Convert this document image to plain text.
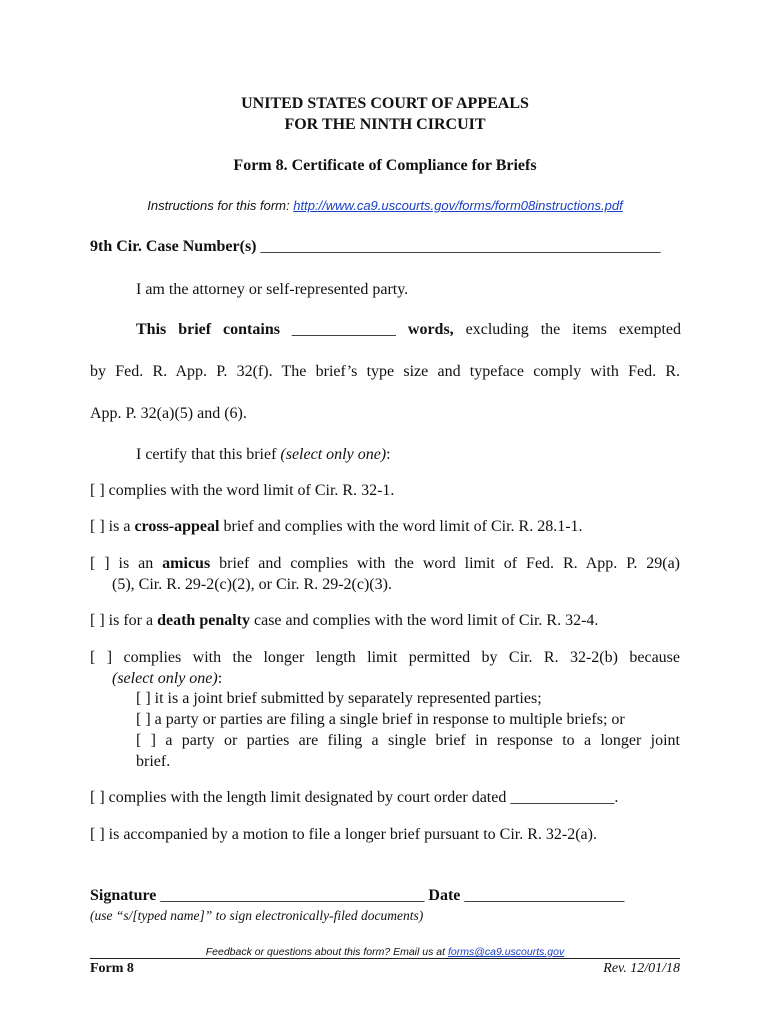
UNITED STATES COURT OF APPEALS
FOR THE NINTH CIRCUIT
Form 8. Certificate of Compliance for Briefs
Instructions for this form: http://www.ca9.uscourts.gov/forms/form08instructions.pdf
9th Cir. Case Number(s) __________________________________________________
I am the attorney or self-represented party.
This brief contains _____________ words, excluding the items exempted
by Fed. R. App. P. 32(f). The brief’s type size and typeface comply with Fed. R.
App. P. 32(a)(5) and (6).
I certify that this brief (select only one):
[ ] complies with the word limit of Cir. R. 32-1.
[ ] is a cross-appeal brief and complies with the word limit of Cir. R. 28.1-1.
[ ] is an amicus brief and complies with the word limit of Fed. R. App. P. 29(a)
(5), Cir. R. 29-2(c)(2), or Cir. R. 29-2(c)(3).
[ ] is for a death penalty case and complies with the word limit of Cir. R. 32-4.
[ ] complies with the longer length limit permitted by Cir. R. 32-2(b) because
(select only one):
[ ] it is a joint brief submitted by separately represented parties;
[ ] a party or parties are filing a single brief in response to multiple briefs; or
[ ] a party or parties are filing a single brief in response to a longer joint
brief.
[ ] complies with the length limit designated by court order dated _____________.
[ ] is accompanied by a motion to file a longer brief pursuant to Cir. R. 32-2(a).
Signature _________________________________ Date ____________________
(use “s/[typed name]” to sign electronically-filed documents)
Feedback or questions about this form? Email us at forms@ca9.uscourts.gov
Form 8	Rev. 12/01/18
